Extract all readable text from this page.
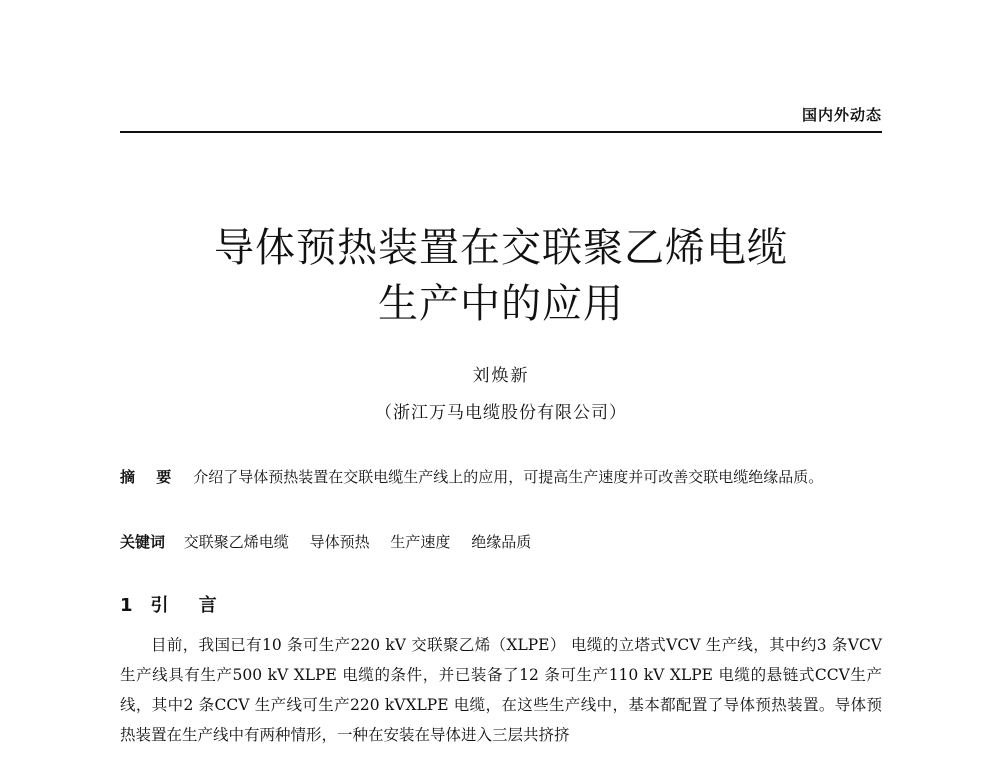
国内外动态
导体预热装置在交联聚乙烯电缆
生产中的应用
刘焕新
（浙江万马电缆股份有限公司）
摘 要 介绍了导体预热装置在交联电缆生产线上的应用，可提高生产速度并可改善交联电缆绝缘品质。
关键词 交联聚乙烯电缆 导体预热 生产速度 绝缘品质
1 引 言

目前，我国已有10 条可生产220 kV 交联聚乙烯（XLPE） 电缆的立塔式VCV 生产线，其中约3 条VCV 生产线具有生产500 kV XLPE 电缆的条件，并已装备了12 条可生产110 kV XLPE 电缆的悬链式CCV生产线，其中2 条CCV 生产线可生产220 kVXLPE 电缆，在这些生产线中，基本都配置了导体预热装置。导体预热装置在生产线中有两种情形，一种在安装在导体进入三层共挤挤
